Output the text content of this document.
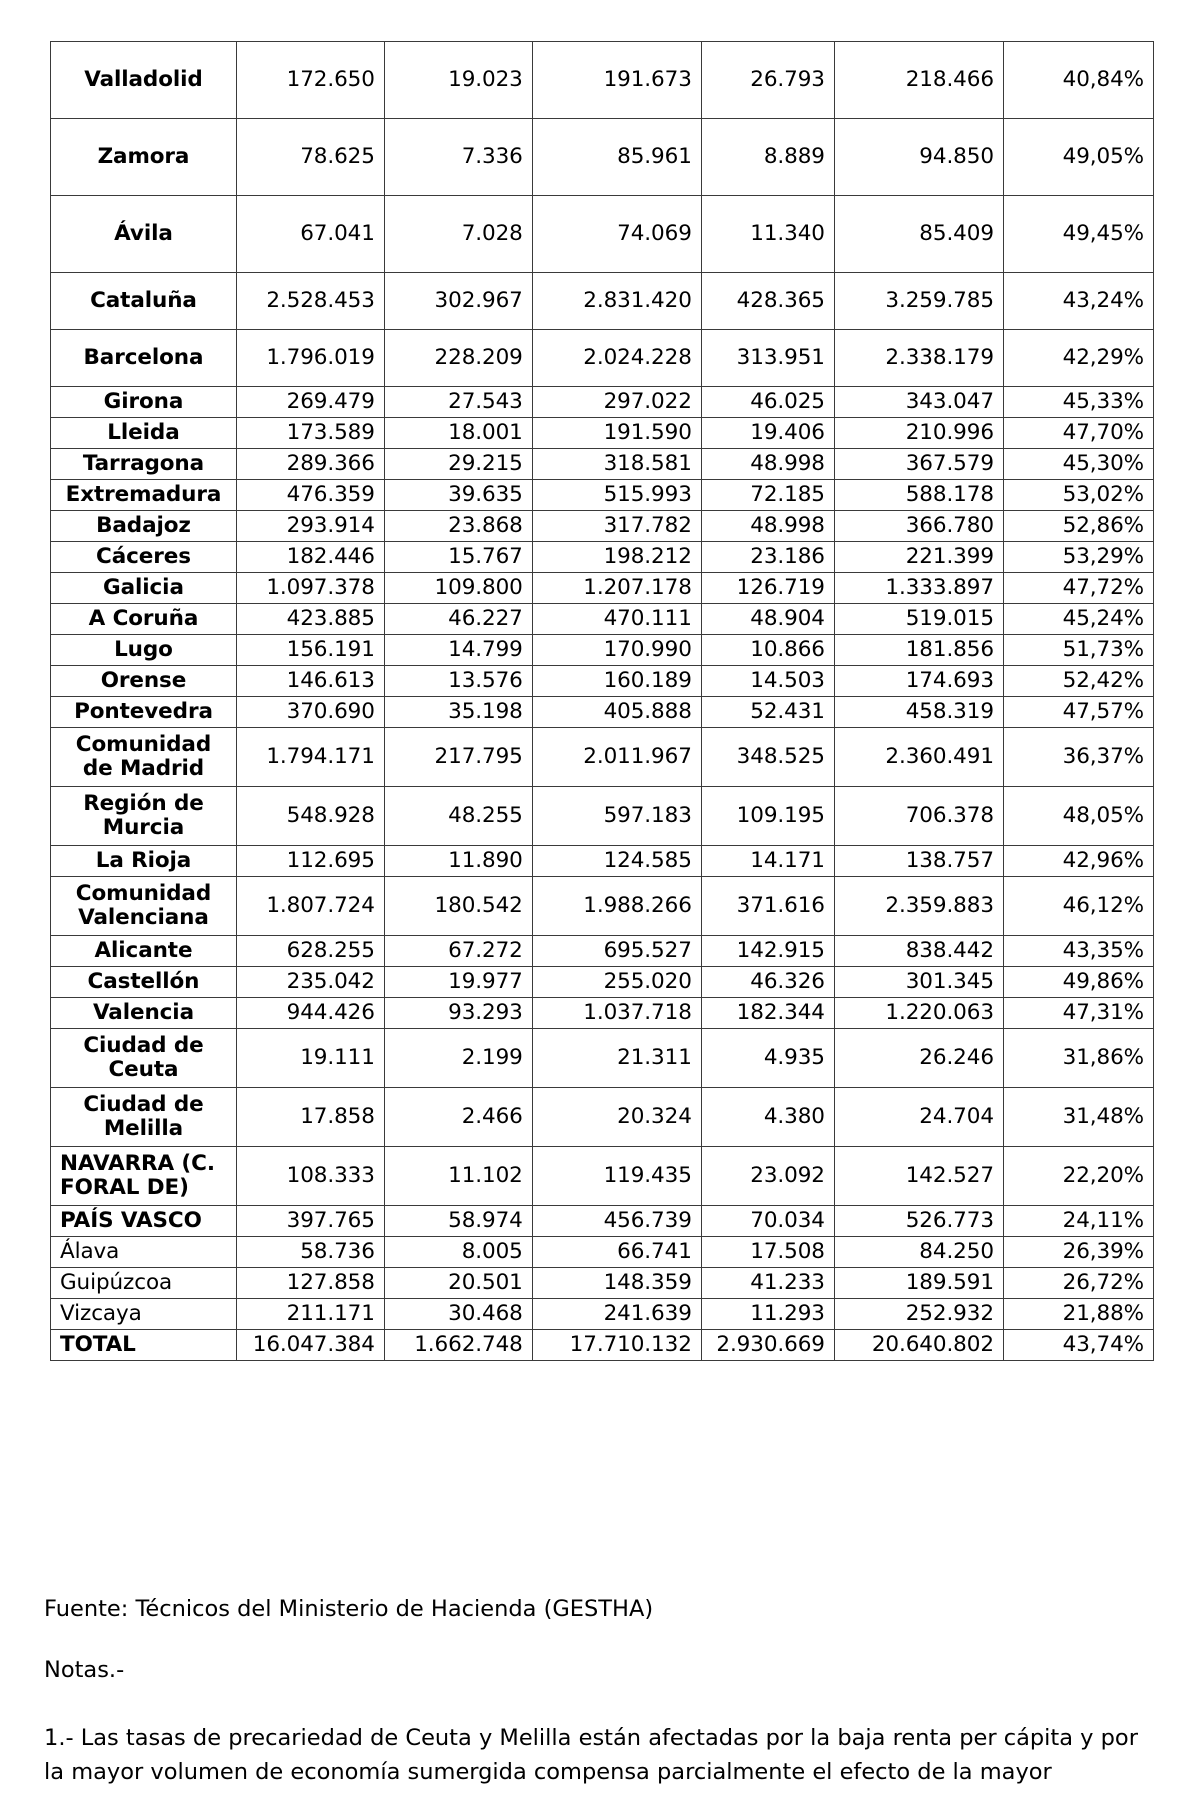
Valladolid	172.650	19.023	191.673	26.793	218.466	40,84%
Zamora	78.625	7.336	85.961	8.889	94.850	49,05%
Ávila	67.041	7.028	74.069	11.340	85.409	49,45%
Cataluña	2.528.453	302.967	2.831.420	428.365	3.259.785	43,24%
Barcelona	1.796.019	228.209	2.024.228	313.951	2.338.179	42,29%
Girona	269.479	27.543	297.022	46.025	343.047	45,33%
Lleida	173.589	18.001	191.590	19.406	210.996	47,70%
Tarragona	289.366	29.215	318.581	48.998	367.579	45,30%
Extremadura	476.359	39.635	515.993	72.185	588.178	53,02%
Badajoz	293.914	23.868	317.782	48.998	366.780	52,86%
Cáceres	182.446	15.767	198.212	23.186	221.399	53,29%
Galicia	1.097.378	109.800	1.207.178	126.719	1.333.897	47,72%
A Coruña	423.885	46.227	470.111	48.904	519.015	45,24%
Lugo	156.191	14.799	170.990	10.866	181.856	51,73%
Orense	146.613	13.576	160.189	14.503	174.693	52,42%
Pontevedra	370.690	35.198	405.888	52.431	458.319	47,57%
Comunidad de Madrid	1.794.171	217.795	2.011.967	348.525	2.360.491	36,37%
Región de Murcia	548.928	48.255	597.183	109.195	706.378	48,05%
La Rioja	112.695	11.890	124.585	14.171	138.757	42,96%
Comunidad Valenciana	1.807.724	180.542	1.988.266	371.616	2.359.883	46,12%
Alicante	628.255	67.272	695.527	142.915	838.442	43,35%
Castellón	235.042	19.977	255.020	46.326	301.345	49,86%
Valencia	944.426	93.293	1.037.718	182.344	1.220.063	47,31%
Ciudad de Ceuta	19.111	2.199	21.311	4.935	26.246	31,86%
Ciudad de Melilla	17.858	2.466	20.324	4.380	24.704	31,48%
NAVARRA (C. FORAL DE)	108.333	11.102	119.435	23.092	142.527	22,20%
PAÍS VASCO	397.765	58.974	456.739	70.034	526.773	24,11%
Álava	58.736	8.005	66.741	17.508	84.250	26,39%
Guipúzcoa	127.858	20.501	148.359	41.233	189.591	26,72%
Vizcaya	211.171	30.468	241.639	11.293	252.932	21,88%
TOTAL	16.047.384	1.662.748	17.710.132	2.930.669	20.640.802	43,74%

Fuente: Técnicos del Ministerio de Hacienda (GESTHA)

Notas.-

1.- Las tasas de precariedad de Ceuta y Melilla están afectadas por la baja renta per cápita y por la mayor volumen de economía sumergida compensa parcialmente el efecto de la mayor
